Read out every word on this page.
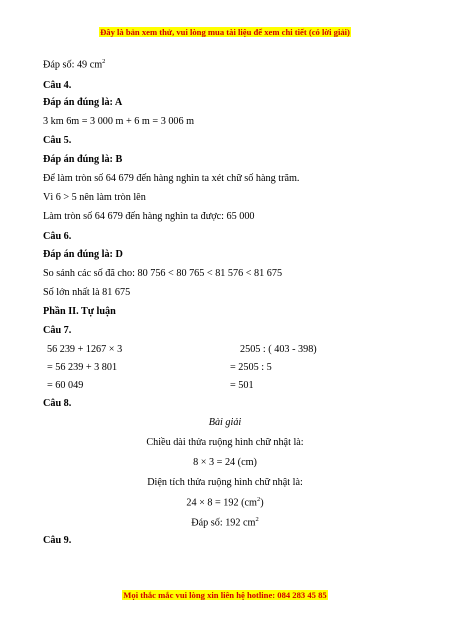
Đây là bản xem thử, vui lòng mua tài liệu để xem chi tiết (có lời giải)
Đáp số: 49 $cm^2$
Câu 4.
Đáp án đúng là: A
3 km 6m = 3 000 m + 6 m = 3 006 m
Câu 5.
Đáp án đúng là: B
Để làm tròn số 64 679 đến hàng nghìn ta xét chữ số hàng trăm.
Vì 6 > 5 nên làm tròn lên
Làm tròn số 64 679 đến hàng nghìn ta được: 65 000
Câu 6.
Đáp án đúng là: D
So sánh các số đã cho: 80 756 < 80 765 < 81 576 < 81 675
Số lớn nhất là 81 675
Phần II. Tự luận
Câu 7.
56 239 + 1267 × 3
= 56 239 + 3 801
= 60 049
2505 : ( 403 - 398)
= 2505 : 5
= 501
Câu 8.
Bài giải
Chiều dài thửa ruộng hình chữ nhật là:
8 × 3 = 24 (cm)
Diện tích thửa ruộng hình chữ nhật là:
24 × 8 = 192 $(cm^2)$
Đáp số: 192 $cm^2$
Câu 9.
Mọi thắc mắc vui lòng xin liên hệ hotline: 084 283 45 85
